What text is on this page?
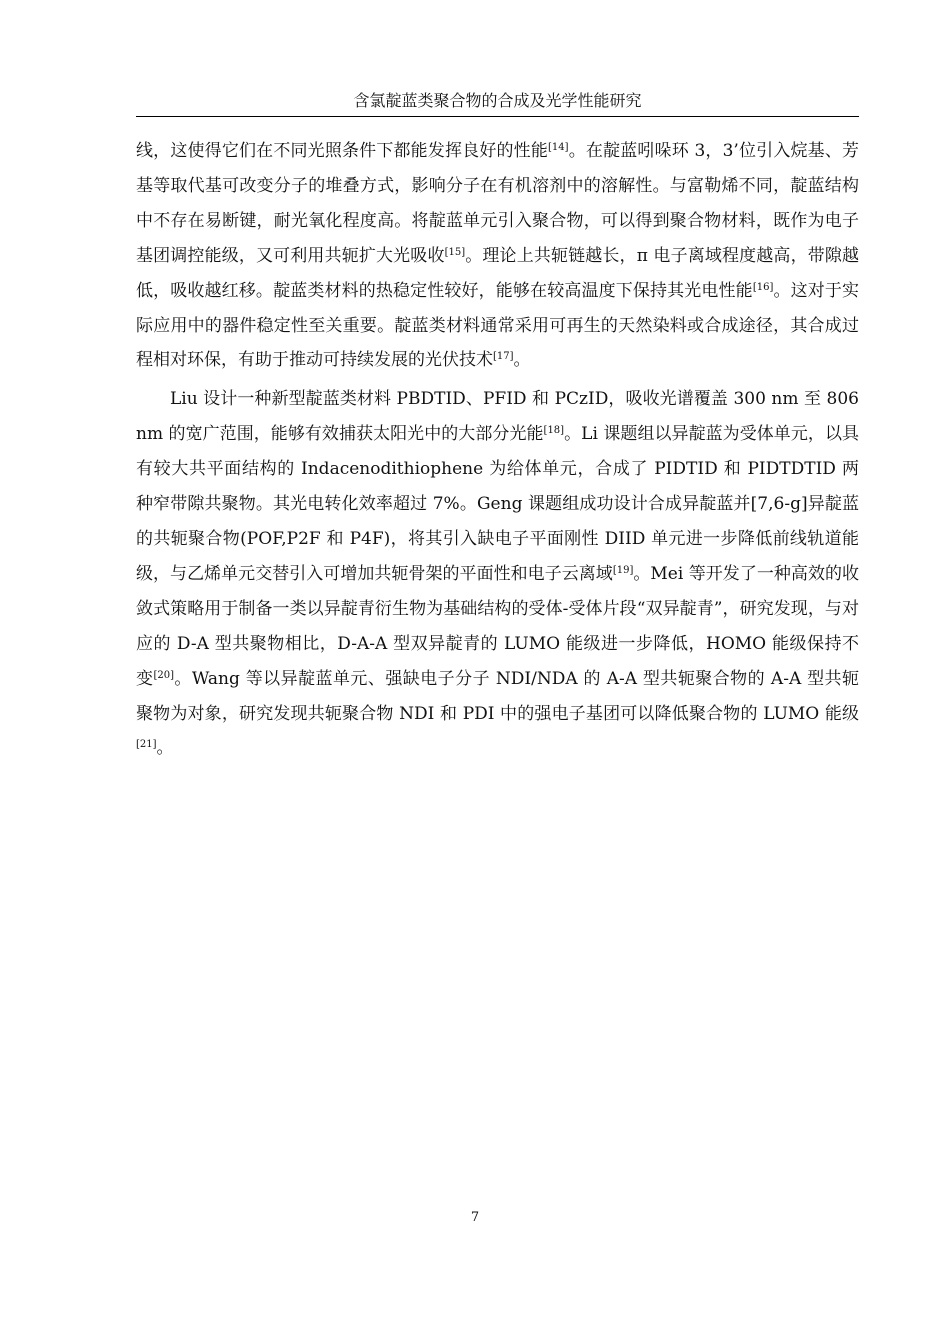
含氯靛蓝类聚合物的合成及光学性能研究

线，这使得它们在不同光照条件下都能发挥良好的性能[14]。在靛蓝吲哚环 3，3’位引入烷基、芳基等取代基可改变分子的堆叠方式，影响分子在有机溶剂中的溶解性。与富勒烯不同，靛蓝结构中不存在易断键，耐光氧化程度高。将靛蓝单元引入聚合物，可以得到聚合物材料，既作为电子基团调控能级，又可利用共轭扩大光吸收[15]。理论上共轭链越长，π 电子离域程度越高，带隙越低，吸收越红移。靛蓝类材料的热稳定性较好，能够在较高温度下保持其光电性能[16]。这对于实际应用中的器件稳定性至关重要。靛蓝类材料通常采用可再生的天然染料或合成途径，其合成过程相对环保，有助于推动可持续发展的光伏技术[17]。

Liu 设计一种新型靛蓝类材料 PBDTID、PFID 和 PCzID，吸收光谱覆盖 300 nm 至 806 nm 的宽广范围，能够有效捕获太阳光中的大部分光能[18]。Li 课题组以异靛蓝为受体单元，以具有较大共平面结构的 Indacenodithiophene 为给体单元，合成了 PIDTID 和 PIDTDTID 两种窄带隙共聚物。其光电转化效率超过 7%。Geng 课题组成功设计合成异靛蓝并[7,6-g]异靛蓝的共轭聚合物(POF,P2F 和 P4F)，将其引入缺电子平面刚性 DIID 单元进一步降低前线轨道能级，与乙烯单元交替引入可增加共轭骨架的平面性和电子云离域[19]。Mei 等开发了一种高效的收敛式策略用于制备一类以异靛青衍生物为基础结构的受体-受体片段“双异靛青”，研究发现，与对应的 D-A 型共聚物相比，D-A-A 型双异靛青的 LUMO 能级进一步降低，HOMO 能级保持不变[20]。Wang 等以异靛蓝单元、强缺电子分子 NDI/NDA 的 A-A 型共轭聚合物的 A-A 型共轭聚物为对象，研究发现共轭聚合物 NDI 和 PDI 中的强电子基团可以降低聚合物的 LUMO 能级[21]。

7
